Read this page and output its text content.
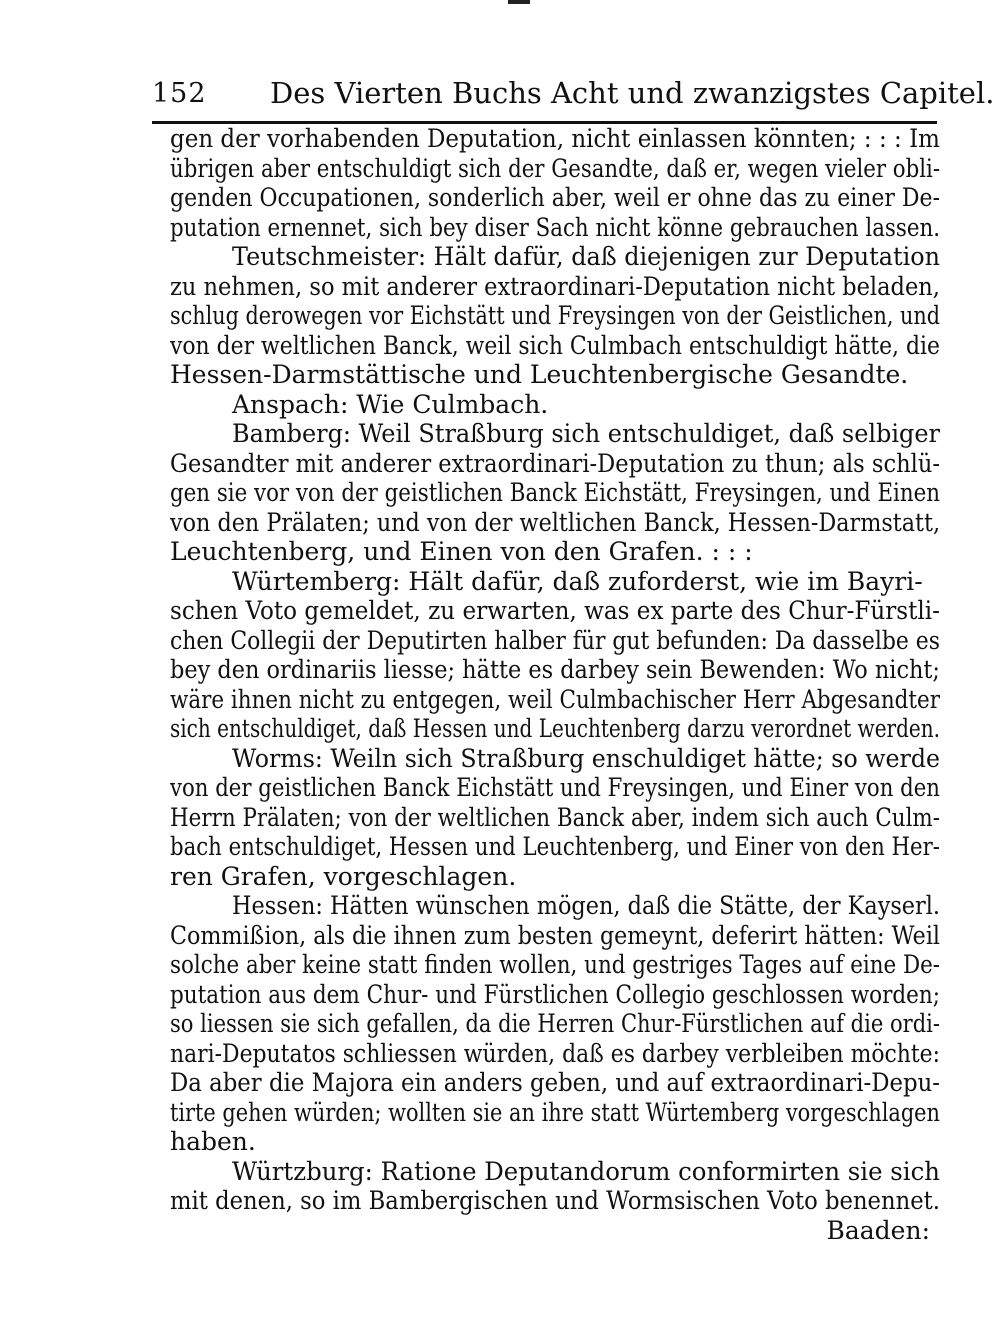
152 Des Vierten Buchs Acht und zwanzigstes Capitel.
gen der vorhabenden Deputation, nicht einlassen könnten; : : : Im
übrigen aber entschuldigt sich der Gesandte, daß er, wegen vieler obli-
genden Occupationen, sonderlich aber, weil er ohne das zu einer De-
putation ernennet, sich bey diser Sach nicht könne gebrauchen lassen.
Teutschmeister: Hält dafür, daß diejenigen zur Deputation
zu nehmen, so mit anderer extraordinari-Deputation nicht beladen,
schlug derowegen vor Eichstätt und Freysingen von der Geistlichen, und
von der weltlichen Banck, weil sich Culmbach entschuldigt hätte, die
Hessen-Darmstättische und Leuchtenbergische Gesandte.
Anspach: Wie Culmbach.
Bamberg: Weil Straßburg sich entschuldiget, daß selbiger
Gesandter mit anderer extraordinari-Deputation zu thun; als schlü-
gen sie vor von der geistlichen Banck Eichstätt, Freysingen, und Einen
von den Prälaten; und von der weltlichen Banck, Hessen-Darmstatt,
Leuchtenberg, und Einen von den Grafen. : : :
Würtemberg: Hält dafür, daß zuforderst, wie im Bayri-
schen Voto gemeldet, zu erwarten, was ex parte des Chur-Fürstli-
chen Collegii der Deputirten halber für gut befunden: Da dasselbe es
bey den ordinariis liesse; hätte es darbey sein Bewenden: Wo nicht;
wäre ihnen nicht zu entgegen, weil Culmbachischer Herr Abgesandter
sich entschuldiget, daß Hessen und Leuchtenberg darzu verordnet werden.
Worms: Weiln sich Straßburg enschuldiget hätte; so werde
von der geistlichen Banck Eichstätt und Freysingen, und Einer von den
Herrn Prälaten; von der weltlichen Banck aber, indem sich auch Culm-
bach entschuldiget, Hessen und Leuchtenberg, und Einer von den Her-
ren Grafen, vorgeschlagen.
Hessen: Hätten wünschen mögen, daß die Stätte, der Kayserl.
Commißion, als die ihnen zum besten gemeynt, deferirt hätten: Weil
solche aber keine statt finden wollen, und gestriges Tages auf eine De-
putation aus dem Chur- und Fürstlichen Collegio geschlossen worden;
so liessen sie sich gefallen, da die Herren Chur-Fürstlichen auf die ordi-
nari-Deputatos schliessen würden, daß es darbey verbleiben möchte:
Da aber die Majora ein anders geben, und auf extraordinari-Depu-
tirte gehen würden; wollten sie an ihre statt Würtemberg vorgeschlagen
haben.
Würtzburg: Ratione Deputandorum conformirten sie sich
mit denen, so im Bambergischen und Wormsischen Voto benennet.
Baaden:
